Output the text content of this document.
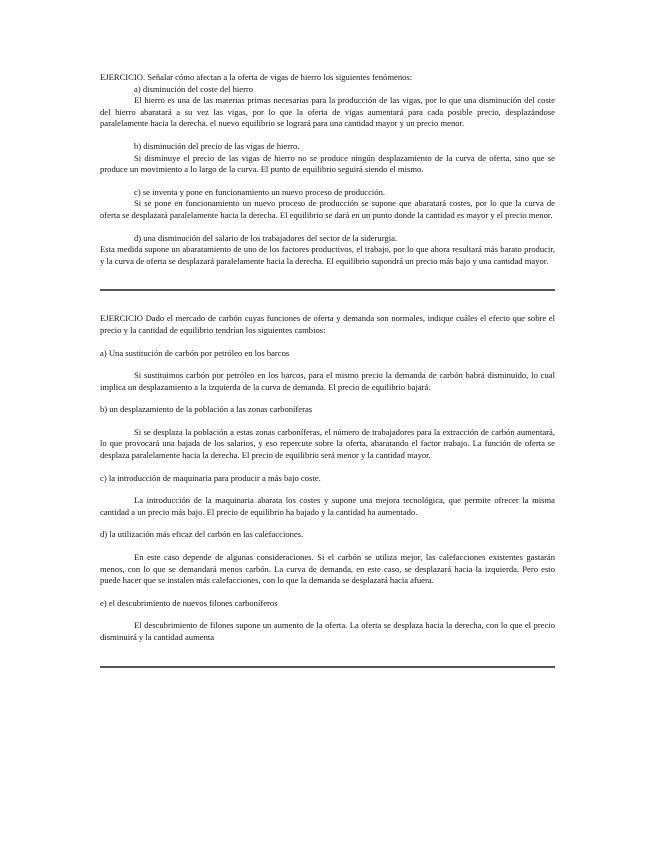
EJERCICIO. Señalar cómo afectan a la oferta de vigas de hierro los siguientes fenómenos:

a) disminución del coste del hierro

El hierro es una de las materias primas necesarias para la producción de las vigas, por lo que una disminución del coste del hierro abaratará a su vez las vigas, por lo que la oferta de vigas aumentará para cada posible precio, desplazándose paralelamente hacia la derecha. el nuevo equilibrio se logrará para una cantidad mayor y un precio menor.

b) disminución del precio de las vigas de hierro.

Si disminuye el precio de las vigas de hierro no se produce ningún desplazamiento de la curva de oferta, sino que se produce un movimiento a lo largo de la curva. El punto de equilibrio seguirá siendo el mismo.

c) se inventa y pone en funcionamiento un nuevo proceso de producción.

Si se pone en funcionamiento un nuevo proceso de producción se supone que abaratará costes, por lo que la curva de oferta se desplazará paralelamente hacia la derecha. El equilibrio se dará en un punto donde la cantidad es mayor y el precio menor.

d) una disminución del salario de los trabajadores del sector de la siderurgia.

Esta medida supone un abaratamiento de uno de los factores productivos, el trabajo, por lo que ahora resultará más barato producir, y la curva de oferta se desplazará paralelamente hacia la derecha. El equilibrio supondrá un precio más bajo y una cantidad mayor.

EJERCICIO Dado el mercado de carbón cuyas funciones de oferta y demanda son normales, indique cuáles el efecto que sobre el precio y la cantidad de equilibrio tendrían los siguientes cambios:

a) Una sustitución de carbón por petróleo en los barcos

Si sustituimos carbón por petróleo en los barcos, para el mismo precio la demanda de carbón habrá disminuido, lo cual implica un desplazamiento a la izquierda de la curva de demanda. El precio de equilibrio bajará.

b) un desplazamiento de la población a las zonas carboníferas

Si se desplaza la población a estas zonas carboníferas, el número de trabajadores para la extracción de carbón aumentará, lo que provocará una bajada de los salarios, y eso repercute sobre la oferta, abaratando el factor trabajo. La función de oferta se desplaza paralelamente hacia la derecha. El precio de equilibrio será menor y la cantidad mayor.

c) la introducción de maquinaria para producir a más bajo coste.

La introducción de la maquinaria abarata los costes y supone una mejora tecnológica, que permite ofrecer la misma cantidad a un precio más bajo. El precio de equilibrio ha bajado y la cantidad ha aumentado.

d) la utilización más eficaz del carbón en las calefacciones.

En este caso depende de algunas consideraciones. Si el carbón se utiliza mejor, las calefacciones existentes gastarán menos, con lo que se demandará menos carbón. La curva de demanda, en este caso, se desplazará hacia la izquierda. Pero esto puede hacer que se instalen más calefacciones, con lo que la demanda se desplazará hacia afuera.

e) el descubrimiento de nuevos filones carboníferos

El descubrimiento de filones supone un aumento de la oferta. La oferta se desplaza hacia la derecha, con lo que el precio disminuirá y la cantidad aumenta
